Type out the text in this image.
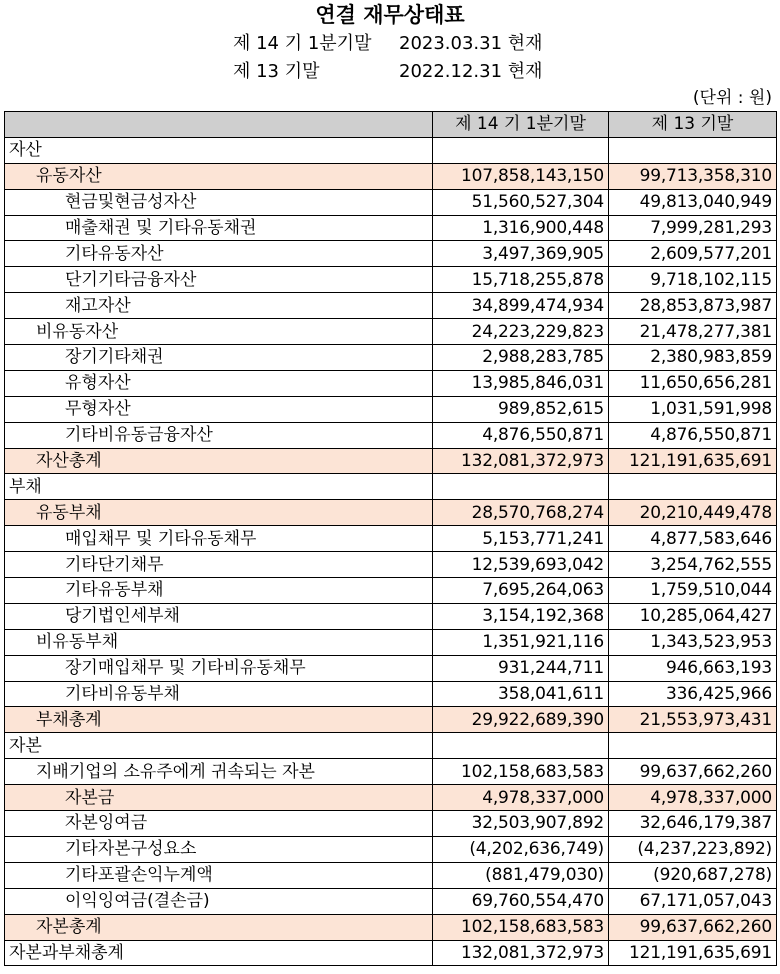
연결 재무상태표
제 14 기 1분기말 2023.03.31 현재
제 13 기말	2022.12.31 현재
(단위 : 원)
	제 14 기 1분기말	제 13 기말
자산		
유동자산	107,858,143,150	99,713,358,310
현금및현금성자산	51,560,527,304	49,813,040,949
매출채권 및 기타유동채권	1,316,900,448	7,999,281,293
기타유동자산	3,497,369,905	2,609,577,201
단기기타금융자산	15,718,255,878	9,718,102,115
재고자산	34,899,474,934	28,853,873,987
비유동자산	24,223,229,823	21,478,277,381
장기기타채권	2,988,283,785	2,380,983,859
유형자산	13,985,846,031	11,650,656,281
무형자산	989,852,615	1,031,591,998
기타비유동금융자산	4,876,550,871	4,876,550,871
자산총계	132,081,372,973	121,191,635,691
부채		
유동부채	28,570,768,274	20,210,449,478
매입채무 및 기타유동채무	5,153,771,241	4,877,583,646
기타단기채무	12,539,693,042	3,254,762,555
기타유동부채	7,695,264,063	1,759,510,044
당기법인세부채	3,154,192,368	10,285,064,427
비유동부채	1,351,921,116	1,343,523,953
장기매입채무 및 기타비유동채무	931,244,711	946,663,193
기타비유동부채	358,041,611	336,425,966
부채총계	29,922,689,390	21,553,973,431
자본		
지배기업의 소유주에게 귀속되는 자본	102,158,683,583	99,637,662,260
자본금	4,978,337,000	4,978,337,000
자본잉여금	32,503,907,892	32,646,179,387
기타자본구성요소	(4,202,636,749)	(4,237,223,892)
기타포괄손익누계액	(881,479,030)	(920,687,278)
이익잉여금(결손금)	69,760,554,470	67,171,057,043
자본총계	102,158,683,583	99,637,662,260
자본과부채총계	132,081,372,973	121,191,635,691
